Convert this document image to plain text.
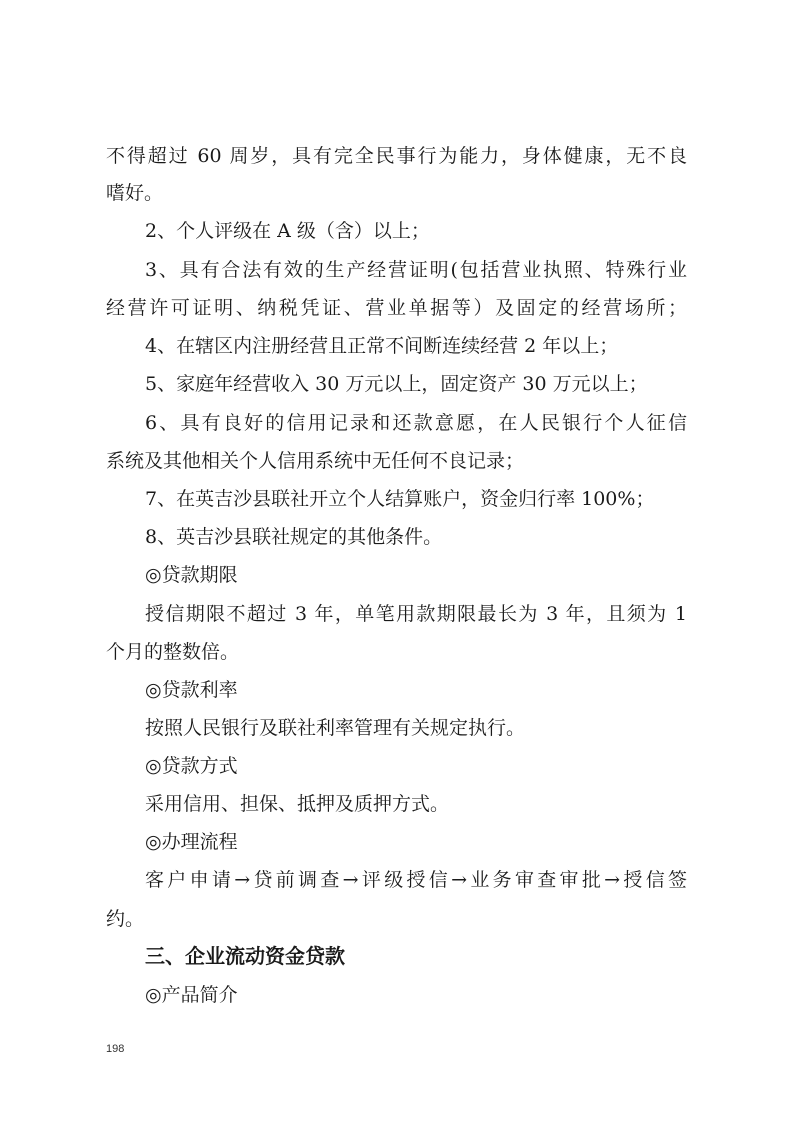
不得超过 60 周岁，具有完全民事行为能力，身体健康，无不良

嗜好。

2、个人评级在 A 级（含）以上；

3、具有合法有效的生产经营证明(包括营业执照、特殊行业

经营许可证明、纳税凭证、营业单据等）及固定的经营场所；

4、在辖区内注册经营且正常不间断连续经营 2 年以上；

5、家庭年经营收入 30 万元以上，固定资产 30 万元以上；

6、具有良好的信用记录和还款意愿，在人民银行个人征信

系统及其他相关个人信用系统中无任何不良记录；

7、在英吉沙县联社开立个人结算账户，资金归行率 100%；

8、英吉沙县联社规定的其他条件。

◎贷款期限

授信期限不超过 3 年，单笔用款期限最长为 3 年，且须为 1

个月的整数倍。

◎贷款利率

按照人民银行及联社利率管理有关规定执行。

◎贷款方式

采用信用、担保、抵押及质押方式。

◎办理流程

客户申请→贷前调查→评级授信→业务审查审批→授信签

约。

三、企业流动资金贷款

◎产品简介

198
